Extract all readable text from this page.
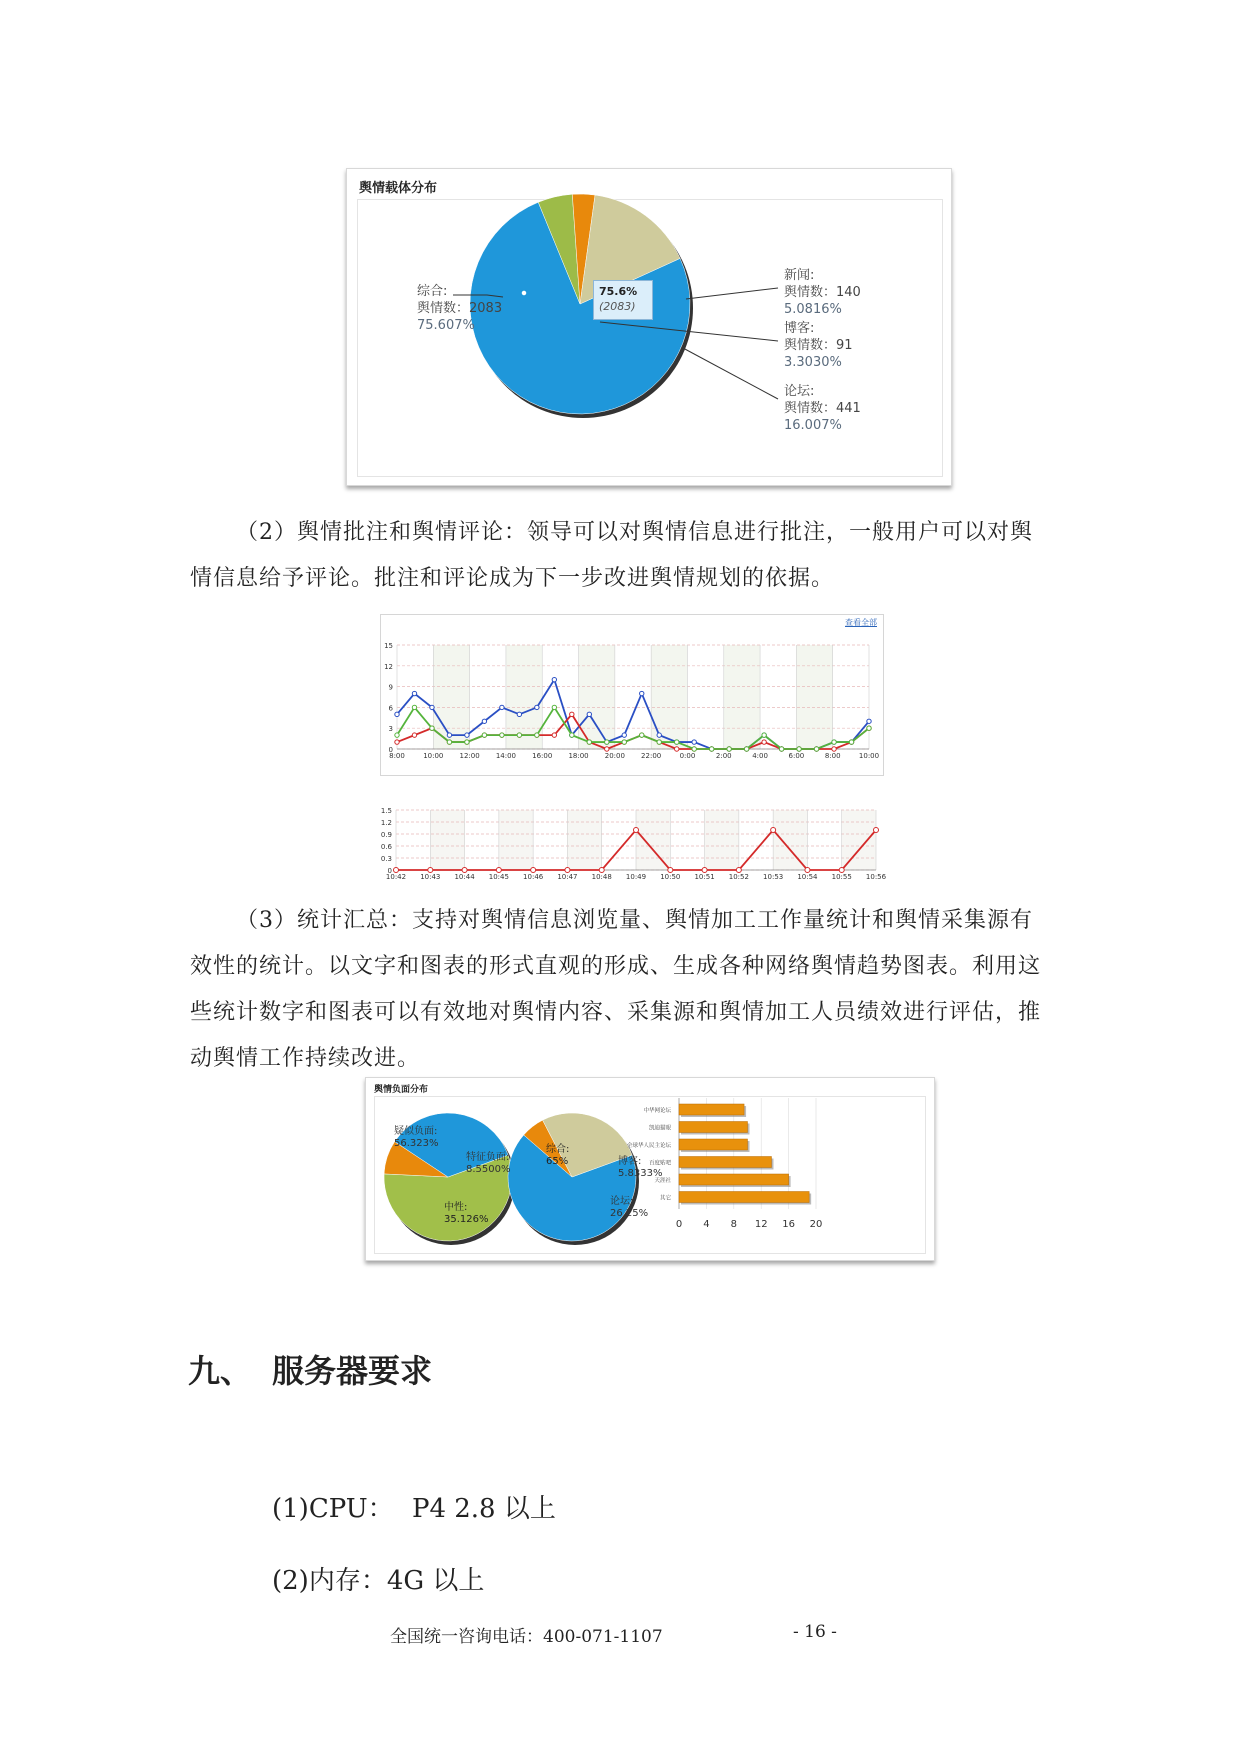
舆情载体分布
75.6%
(2083)
综合:
舆情数：2083
75.607%
新闻:
舆情数：140
5.0816%
博客:
舆情数：91
3.3030%
论坛:
舆情数：441
16.007%
（2）舆情批注和舆情评论：领导可以对舆情信息进行批注，一般用户可以对舆情信息给予评论。批注和评论成为下一步改进舆情规划的依据。
查看全部
15
12
9
6
3
0
8:00	10:00 12:00 14:00 16:00 18:00 20:00 22:00	0:00	2:00	4:00	6:00	8:00	10:00
1.5
1.2
0.9
0.6
0.3
0
10:42 10:43 10:44 10:45 10:46 10:47 10:48 10:49 10:50 10:51 10:52 10:53 10:54 10:55 10:56
（3）统计汇总：支持对舆情信息浏览量、舆情加工工作量统计和舆情采集源有效性的统计。以文字和图表的形式直观的形成、生成各种网络舆情趋势图表。利用这些统计数字和图表可以有效地对舆情内容、采集源和舆情加工人员绩效进行评估，推动舆情工作持续改进。
舆情负面分布
0 4 8 12 16 20
中华网论坛
凯迪猫眼
全球华人民主论坛
百度贴吧
天涯社
其它
疑似负面:
56.323%
特征负面:
8.5500%
中性:
35.126%
综合:
65%	博客:
5.8333%
论坛:
26.25%
九、 服务器要求
(1)CPU： P4 2.8 以上
(2)内存：4G 以上
全国统一咨询电话：400-071-1107	- 16 -
